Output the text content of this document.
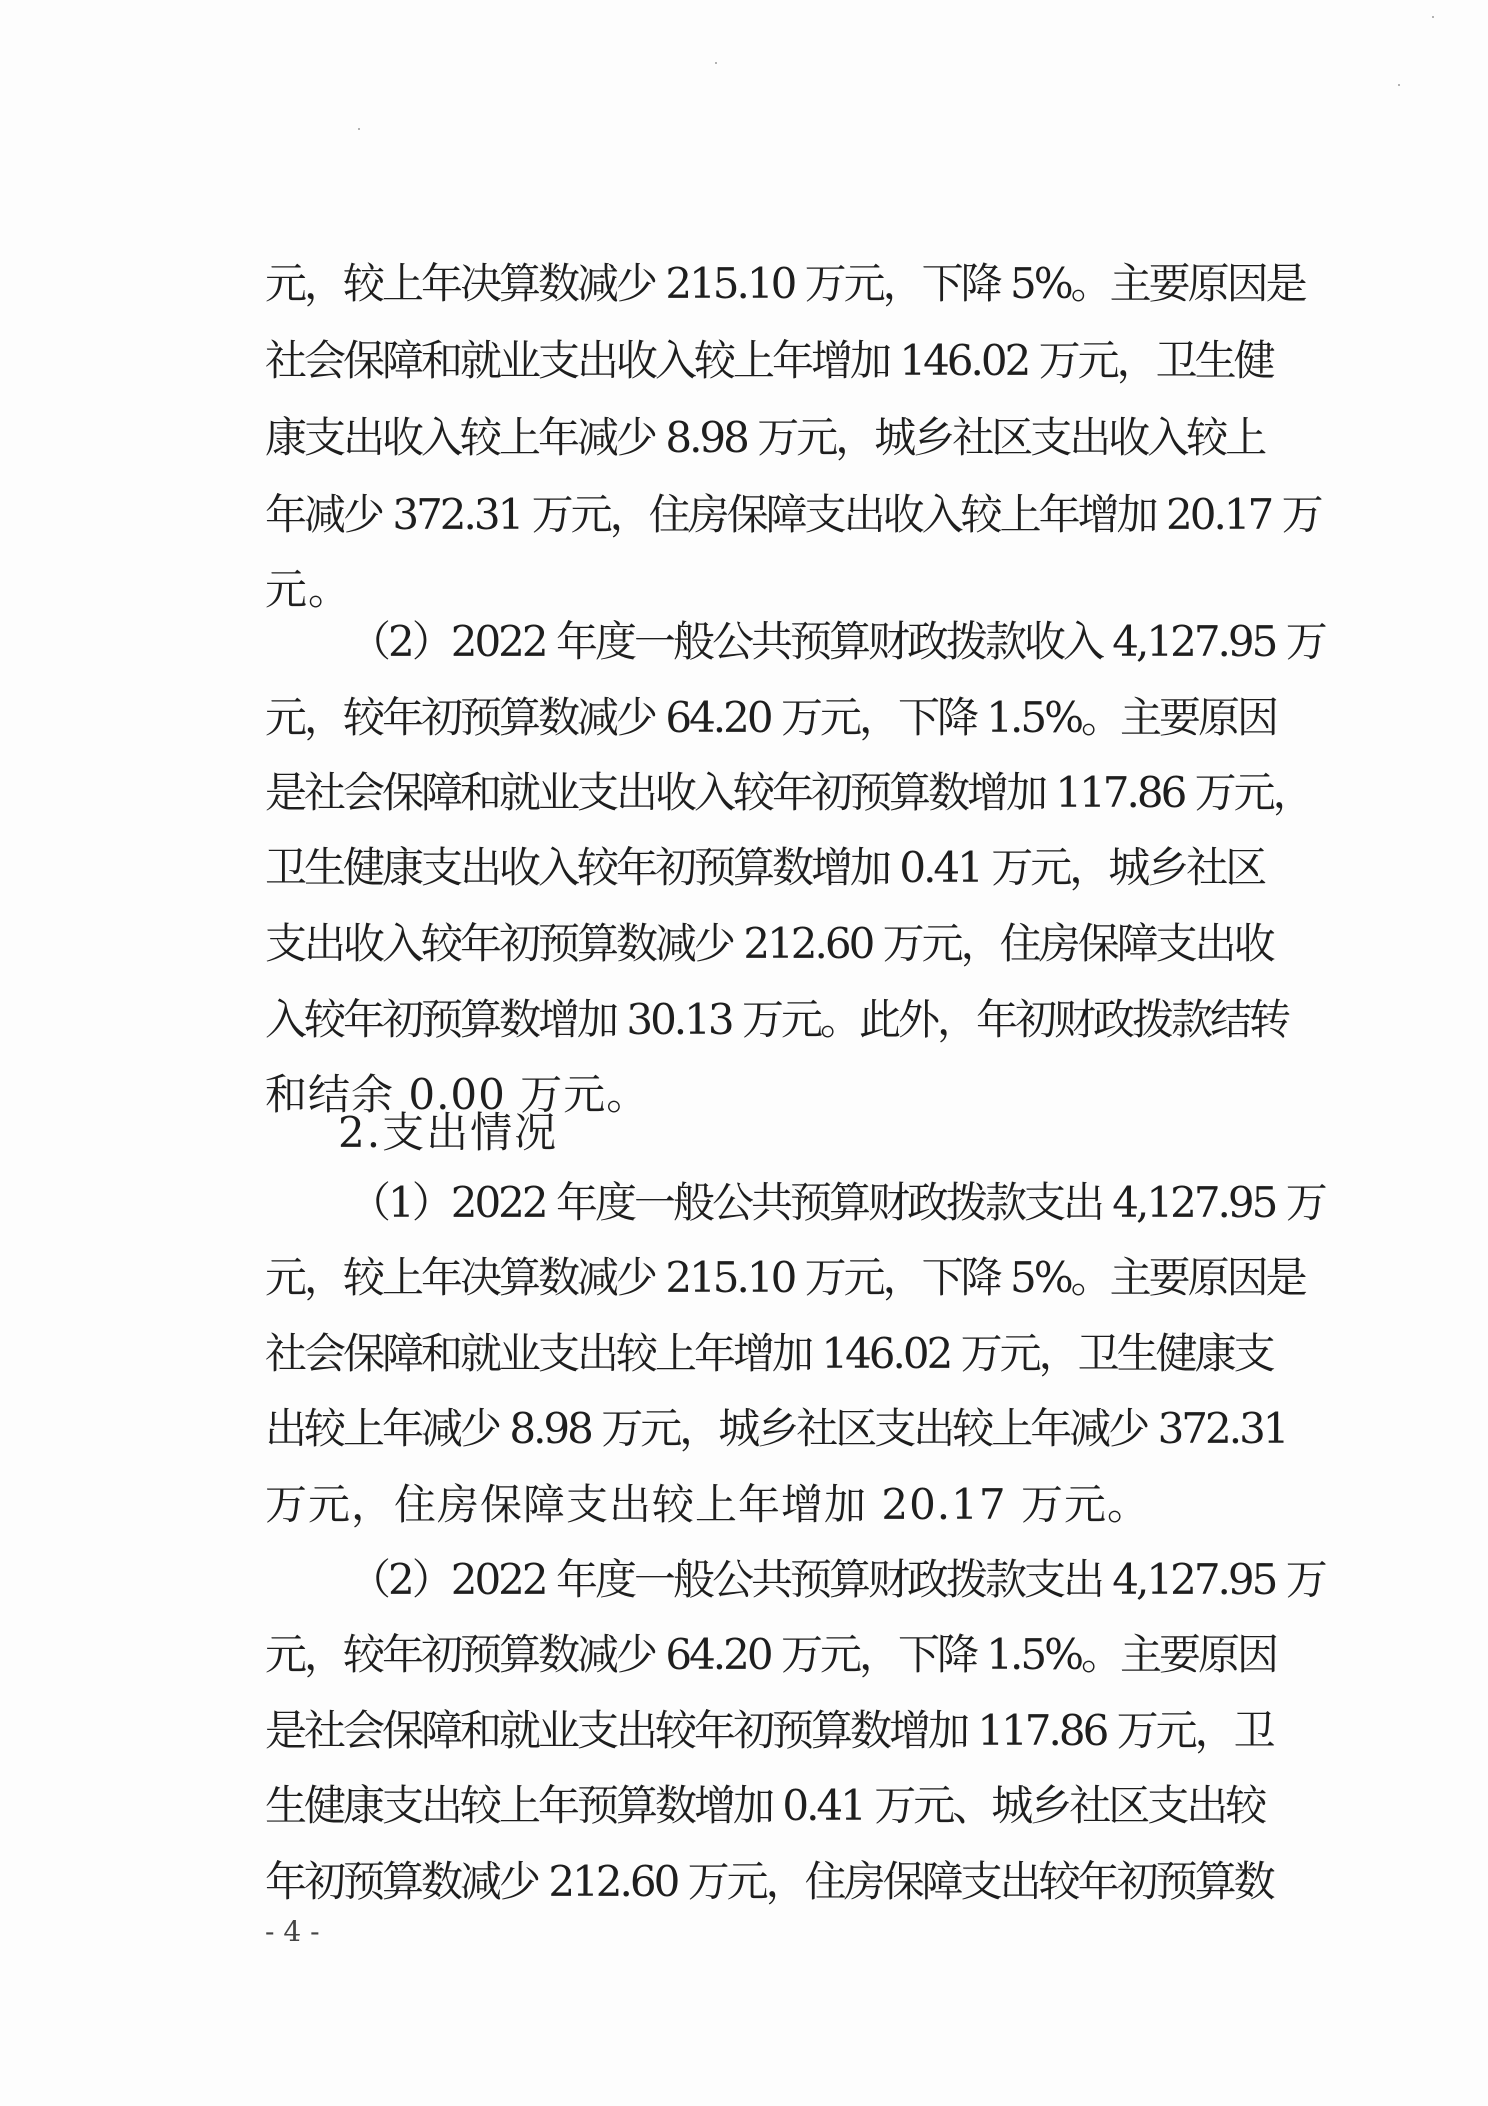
元，较上年决算数减少 215.10 万元，下降 5%。主要原因是
社会保障和就业支出收入较上年增加 146.02 万元，卫生健
康支出收入较上年减少 8.98 万元，城乡社区支出收入较上
年减少 372.31 万元，住房保障支出收入较上年增加 20.17 万
元。
（2）2022 年度一般公共预算财政拨款收入 4,127.95 万
元，较年初预算数减少 64.20 万元，下降 1.5%。主要原因
是社会保障和就业支出收入较年初预算数增加 117.86 万元，
卫生健康支出收入较年初预算数增加 0.41 万元，城乡社区
支出收入较年初预算数减少 212.60 万元，住房保障支出收
入较年初预算数增加 30.13 万元。此外，年初财政拨款结转
和结余 0.00 万元。
2.支出情况
（1）2022 年度一般公共预算财政拨款支出 4,127.95 万
元，较上年决算数减少 215.10 万元，下降 5%。主要原因是
社会保障和就业支出较上年增加 146.02 万元，卫生健康支
出较上年减少 8.98 万元，城乡社区支出较上年减少 372.31
万元，住房保障支出较上年增加 20.17 万元。
（2）2022 年度一般公共预算财政拨款支出 4,127.95 万
元，较年初预算数减少 64.20 万元，下降 1.5%。主要原因
是社会保障和就业支出较年初预算数增加 117.86 万元，卫
生健康支出较上年预算数增加 0.41 万元、城乡社区支出较
年初预算数减少 212.60 万元，住房保障支出较年初预算数
- 4 -
